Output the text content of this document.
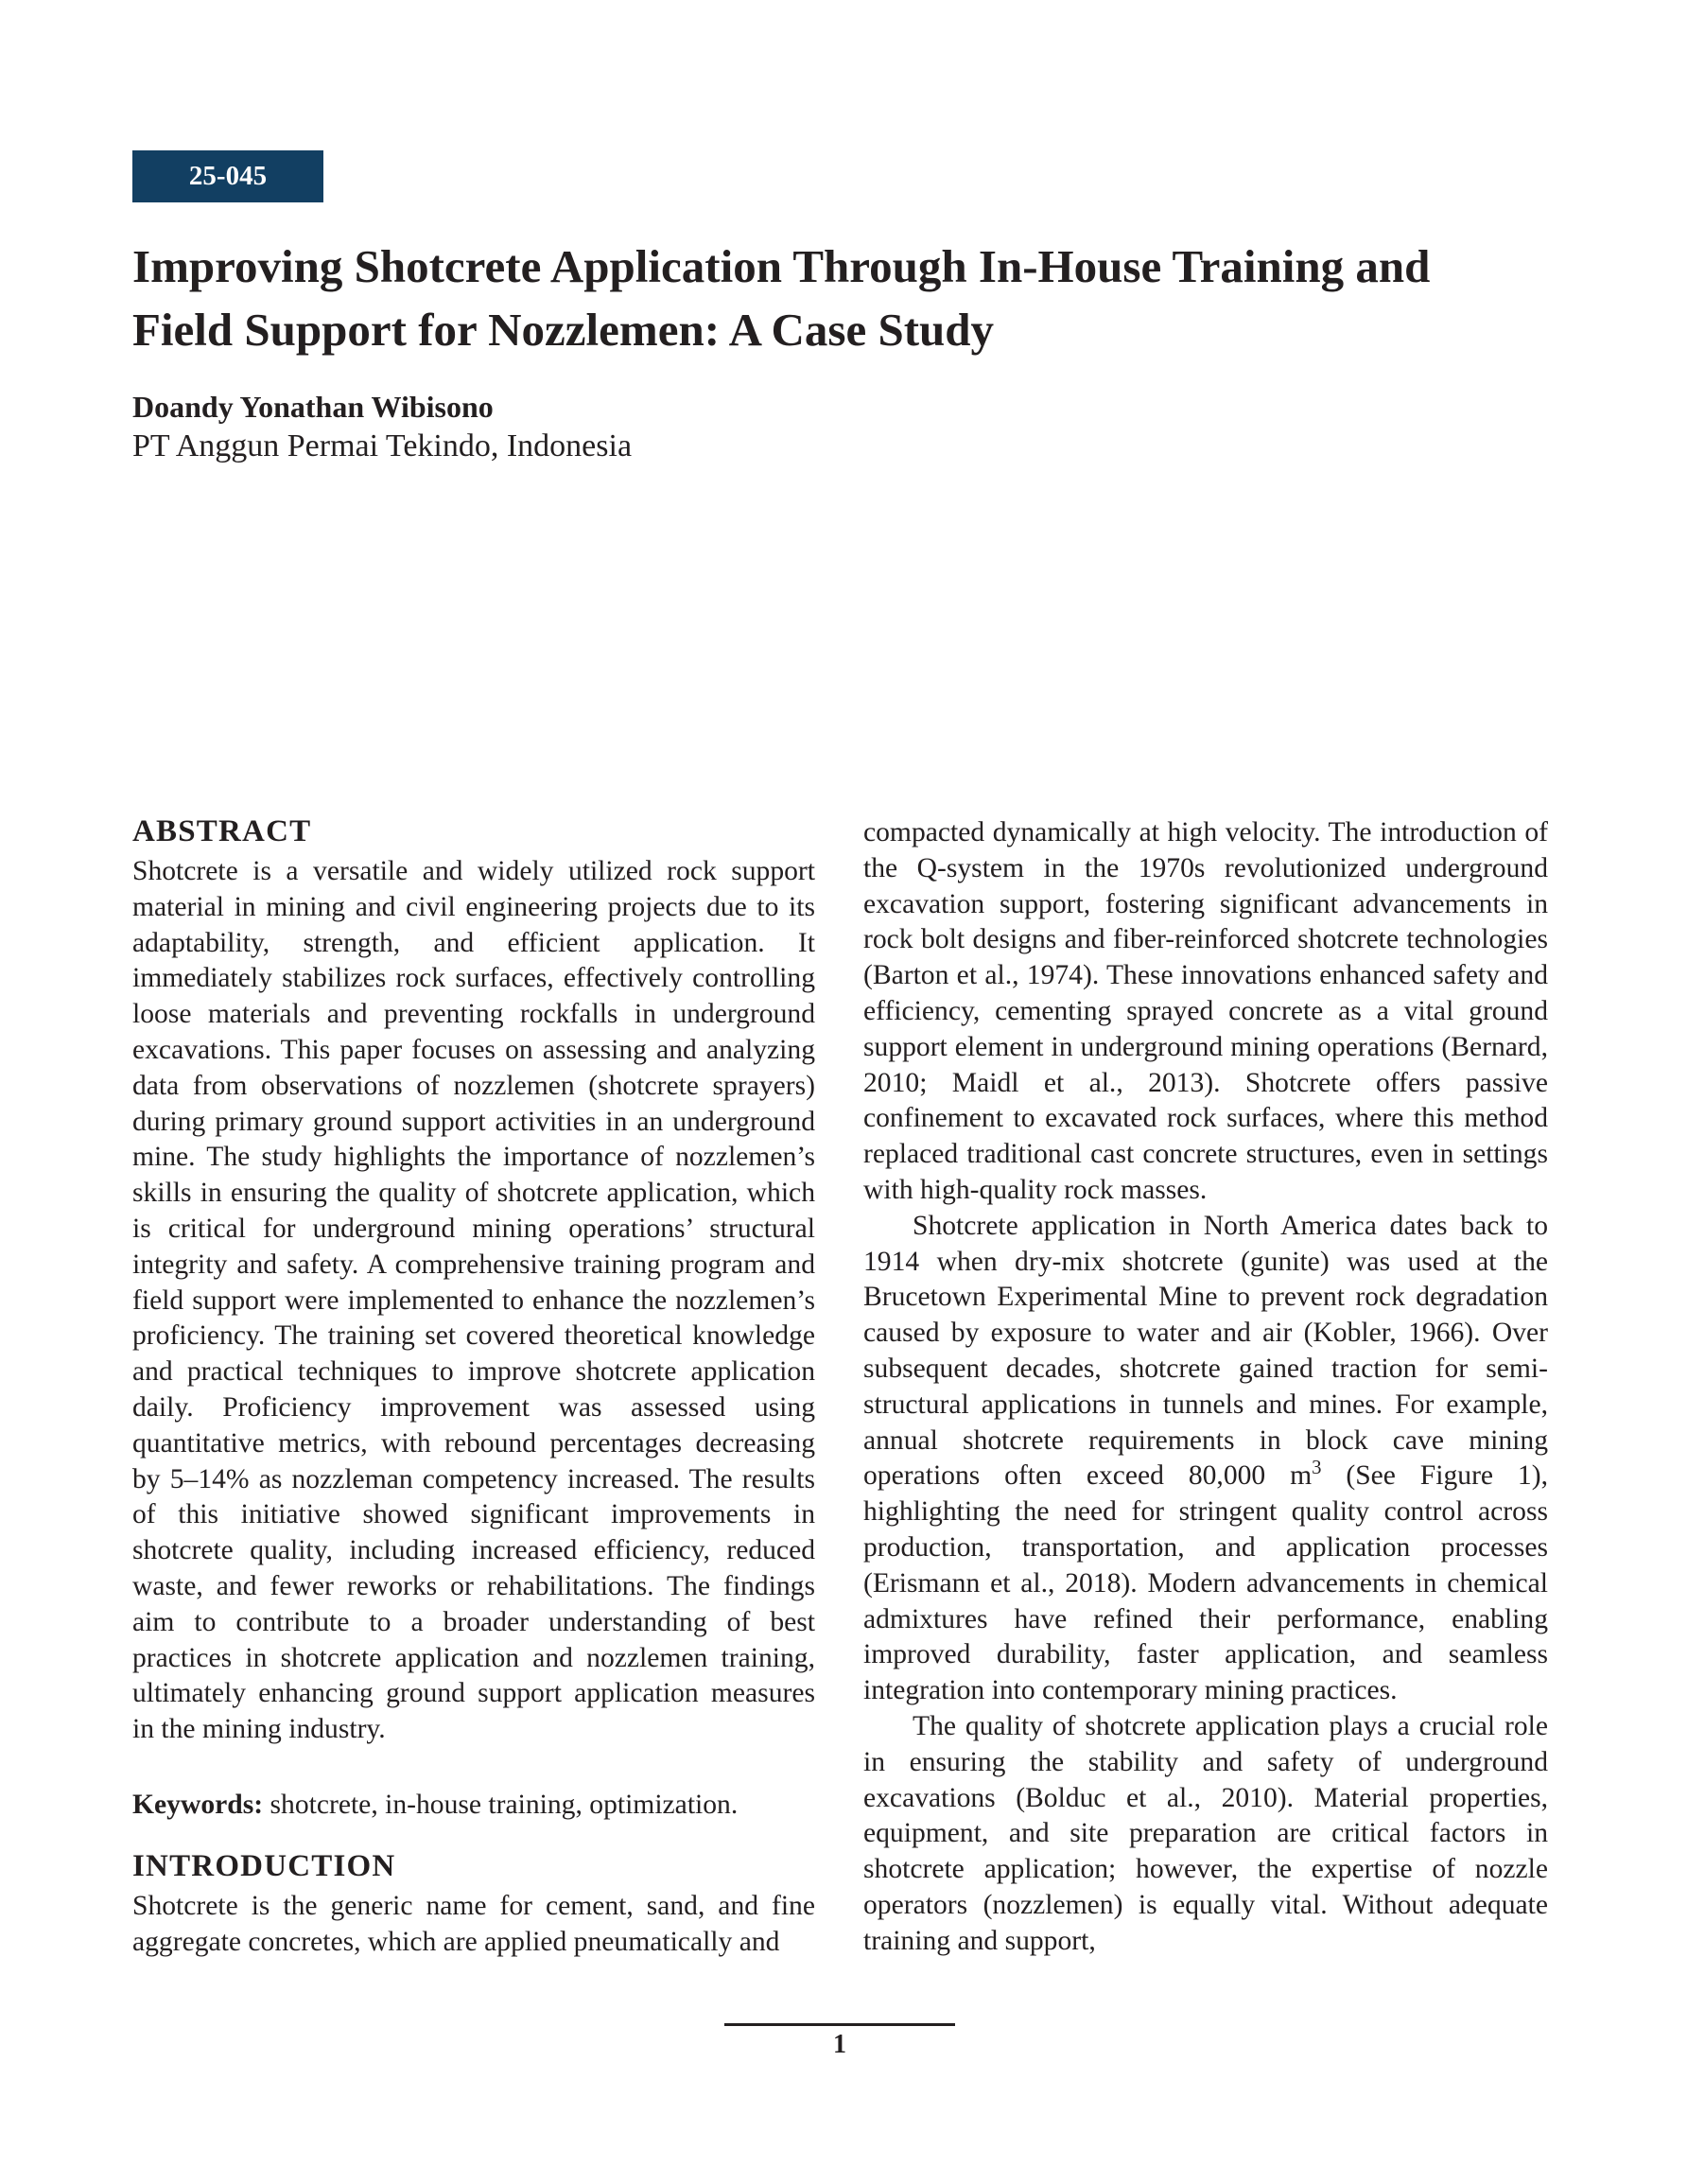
25-045
Improving Shotcrete Application Through In-House Training and Field Support for Nozzlemen: A Case Study
Doandy Yonathan Wibisono
PT Anggun Permai Tekindo, Indonesia
ABSTRACT

Shotcrete is a versatile and widely utilized rock support material in mining and civil engineering projects due to its adaptability, strength, and efficient application. It immediately stabilizes rock surfaces, effectively controlling loose materials and preventing rockfalls in underground excavations. This paper focuses on assessing and analyzing data from observations of nozzlemen (shotcrete sprayers) during primary ground support activities in an underground mine. The study highlights the importance of nozzlemen’s skills in ensuring the quality of shotcrete application, which is critical for underground mining operations’ structural integrity and safety. A comprehensive training program and field support were implemented to enhance the nozzlemen’s proficiency. The training set covered theoretical knowledge and practical techniques to improve shotcrete application daily. Proficiency improvement was assessed using quantitative metrics, with rebound percentages decreasing by 5–14% as nozzleman competency increased. The results of this initiative showed significant improvements in shotcrete quality, including increased efficiency, reduced waste, and fewer reworks or rehabilitations. The findings aim to contribute to a broader understanding of best practices in shotcrete application and nozzlemen training, ultimately enhancing ground support application measures in the mining industry.

Keywords: shotcrete, in-house training, optimization.

INTRODUCTION

Shotcrete is the generic name for cement, sand, and fine aggregate concretes, which are applied pneumatically and

compacted dynamically at high velocity. The introduction of the Q-system in the 1970s revolutionized underground excavation support, fostering significant advancements in rock bolt designs and fiber-reinforced shotcrete technologies (Barton et al., 1974). These innovations enhanced safety and efficiency, cementing sprayed concrete as a vital ground support element in underground mining operations (Bernard, 2010; Maidl et al., 2013). Shotcrete offers passive confinement to excavated rock surfaces, where this method replaced traditional cast concrete structures, even in settings with high-quality rock masses.

Shotcrete application in North America dates back to 1914 when dry-mix shotcrete (gunite) was used at the Brucetown Experimental Mine to prevent rock degradation caused by exposure to water and air (Kobler, 1966). Over subsequent decades, shotcrete gained traction for semi-structural applications in tunnels and mines. For example, annual shotcrete requirements in block cave mining operations often exceed 80,000 $m^3$ (See Figure 1), highlighting the need for stringent quality control across production, transportation, and application processes (Erismann et al., 2018). Modern advancements in chemical admixtures have refined their performance, enabling improved durability, faster application, and seamless integration into contemporary mining practices.

The quality of shotcrete application plays a crucial role in ensuring the stability and safety of underground excavations (Bolduc et al., 2010). Material properties, equipment, and site preparation are critical factors in shotcrete application; however, the expertise of nozzle operators (nozzlemen) is equally vital. Without adequate training and support,

1
